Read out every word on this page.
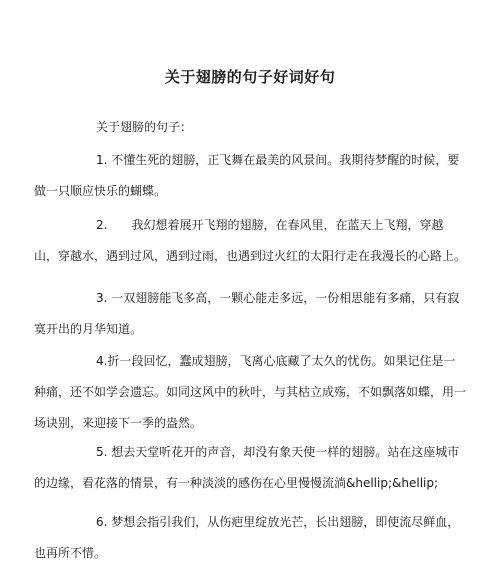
关于翅膀的句子好词好句

关于翅膀的句子：

1. 不懂生死的翅膀，正飞舞在最美的风景间。我期待梦醒的时候，要做一只顺应快乐的蝴蝶。

2.　　我幻想着展开飞翔的翅膀，在春风里，在蓝天上飞翔，穿越山，穿越水，遇到过风，遇到过雨，也遇到过火红的太阳行走在我漫长的心路上。

3. 一双翅膀能飞多高，一颗心能走多远，一份相思能有多痛，只有寂寞开出的月华知道。

4.折一段回忆，蠢成翅膀，飞离心底藏了太久的忧伤。如果记住是一种痛，还不如学会遗忘。如同这风中的秋叶，与其枯立成殇，不如飘落如蝶，用一场诀别，来迎接下一季的盎然。

5. 想去天堂听花开的声音，却没有象天使一样的翅膀。站在这座城市的边缘，看花落的情景，有一种淡淡的感伤在心里慢慢流淌&hellip;&hellip;

6. 梦想会指引我们，从伤疤里绽放光芒，长出翅膀，即使流尽鲜血，也再所不惜。
